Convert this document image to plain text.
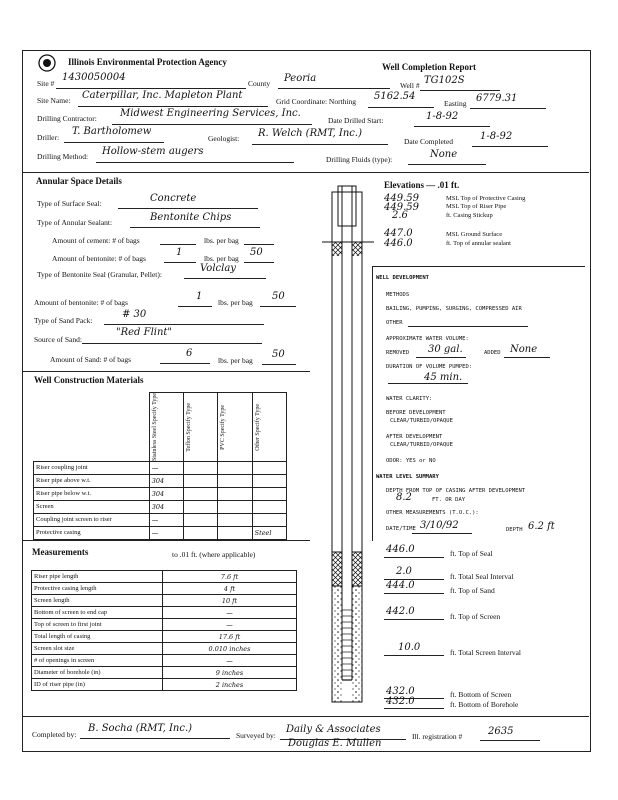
Illinois Environmental Protection Agency	Well Completion Report
Site #
1430050004
County Peoria
Well # TG102S
Site Name: Caterpillar, Inc. Mapleton Plant
Grid Coordinate: Northing 5162.54
Easting 6779.31
Drilling Contractor: Midwest Engineering Services, Inc.
Date Drilled Start:	1-8-92
Driller:
T. Bartholomew
Geologist: R. Welch (RMT, Inc.)
Date Completed	1-8-92
Drilling Method: Hollow-stem augers
Drilling Fluids (type):	None
Annular Space Details
Type of Surface Seal:	Concrete
Type of Annular Sealant:	Bentonite Chips
Amount of cement: # of bags	lbs. per bag
Amount of bentonite: # of bags
1
lbs. per bag
50
Type of Bentonite Seal (Granular, Pellet):
Volclay
Amount of bentonite: # of bags
1
lbs. per bag
50
Type of Sand Pack:
# 30
Source of Sand:
"Red Flint"
Amount of Sand: # of bags
6
lbs. per bag
50
Well Construction Materials

	Stainless Steel Specify Type	Teflon Specify Type	PVC Specify Type	Other Specify Type

Riser coupling joint	—			
Riser pipe above w.t.	304			
Riser pipe below w.t.	304			
Screen	304			
Coupling joint screen to riser	—			
Protective casing	—			Steel
Measurements	to .01 ft. (where applicable)
Riser pipe length	7.6 ft
Protective casing length	4 ft
Screen length	10 ft
Bottom of screen to end cap	—
Top of screen to first joint	—
Total length of casing	17.6 ft
Screen slot size	0.010 inches
# of openings in screen	—
Diameter of borehole (in)	9 inches
ID of riser pipe (in)	2 inches
Elevations — .01 ft.
449.59	MSL Top of Protective Casing
449.59	MSL Top of Riser Pipe
2.6	ft. Casing Stickup
447.0	MSL Ground Surface
446.0	ft. Top of annular sealant
WELL DEVELOPMENT
METHODS
BAILING, PUMPING, SURGING, COMPRESSED AIR
OTHER
APPROXIMATE WATER VOLUME:
REMOVED 30 gal.	ADDED None
DURATION OF VOLUME PUMPED:
45 min.
WATER CLARITY:
BEFORE DEVELOPMENT
CLEAR/TURBID/OPAQUE
AFTER DEVELOPMENT
CLEAR/TURBID/OPAQUE
ODOR: YES or NO
WATER LEVEL SUMMARY
DEPTH FROM TOP OF CASING AFTER DEVELOPMENT
8.2	FT. OR DAY
OTHER MEASUREMENTS (T.O.C.):
DATE/TIME 3/10/92	DEPTH 6.2 ft
446.0	ft. Top of Seal
2.0	ft. Total Seal Interval
444.0	ft. Top of Sand
442.0	ft. Top of Screen
10.0	ft. Total Screen Interval
432.0	ft. Bottom of Screen
432.0	ft. Bottom of Borehole
Completed by:
B. Socha (RMT, Inc.)
Surveyed by:
Daily & Associates
Douglas E. Mullen
Ill. registration #	2635
